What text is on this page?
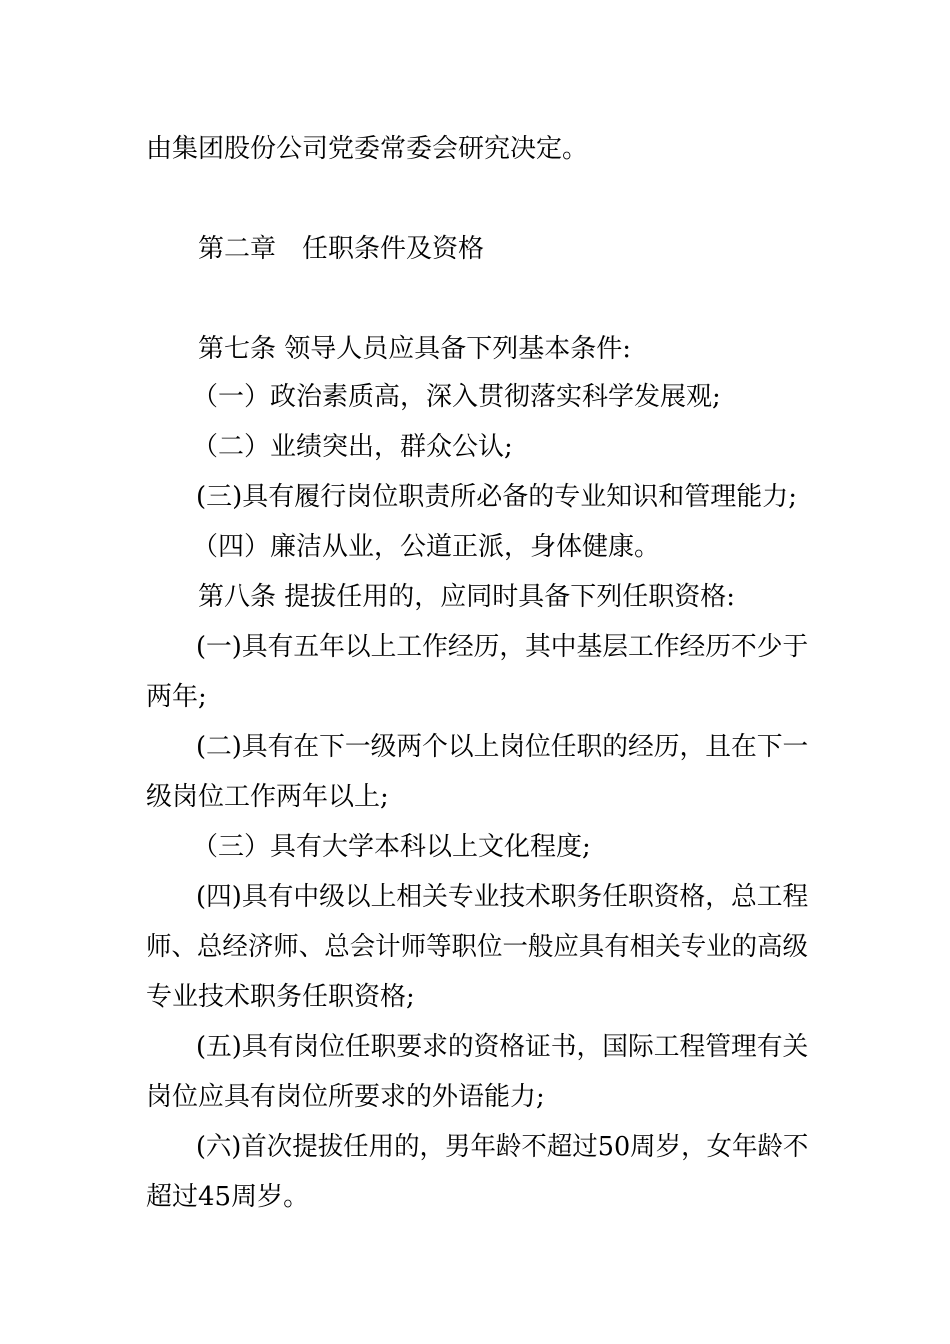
由集团股份公司党委常委会研究决定。

第二章　任职条件及资格

第七条 领导人员应具备下列基本条件:

（一）政治素质高，深入贯彻落实科学发展观;

（二）业绩突出，群众公认;

(三)具有履行岗位职责所必备的专业知识和管理能力;

（四）廉洁从业，公道正派，身体健康。

第八条 提拔任用的，应同时具备下列任职资格:

(一)具有五年以上工作经历，其中基层工作经历不少于

两年;

(二)具有在下一级两个以上岗位任职的经历，且在下一

级岗位工作两年以上;

（三）具有大学本科以上文化程度;

(四)具有中级以上相关专业技术职务任职资格，总工程

师、总经济师、总会计师等职位一般应具有相关专业的高级

专业技术职务任职资格;

(五)具有岗位任职要求的资格证书，国际工程管理有关

岗位应具有岗位所要求的外语能力;

(六)首次提拔任用的，男年龄不超过50周岁，女年龄不

超过45周岁。
